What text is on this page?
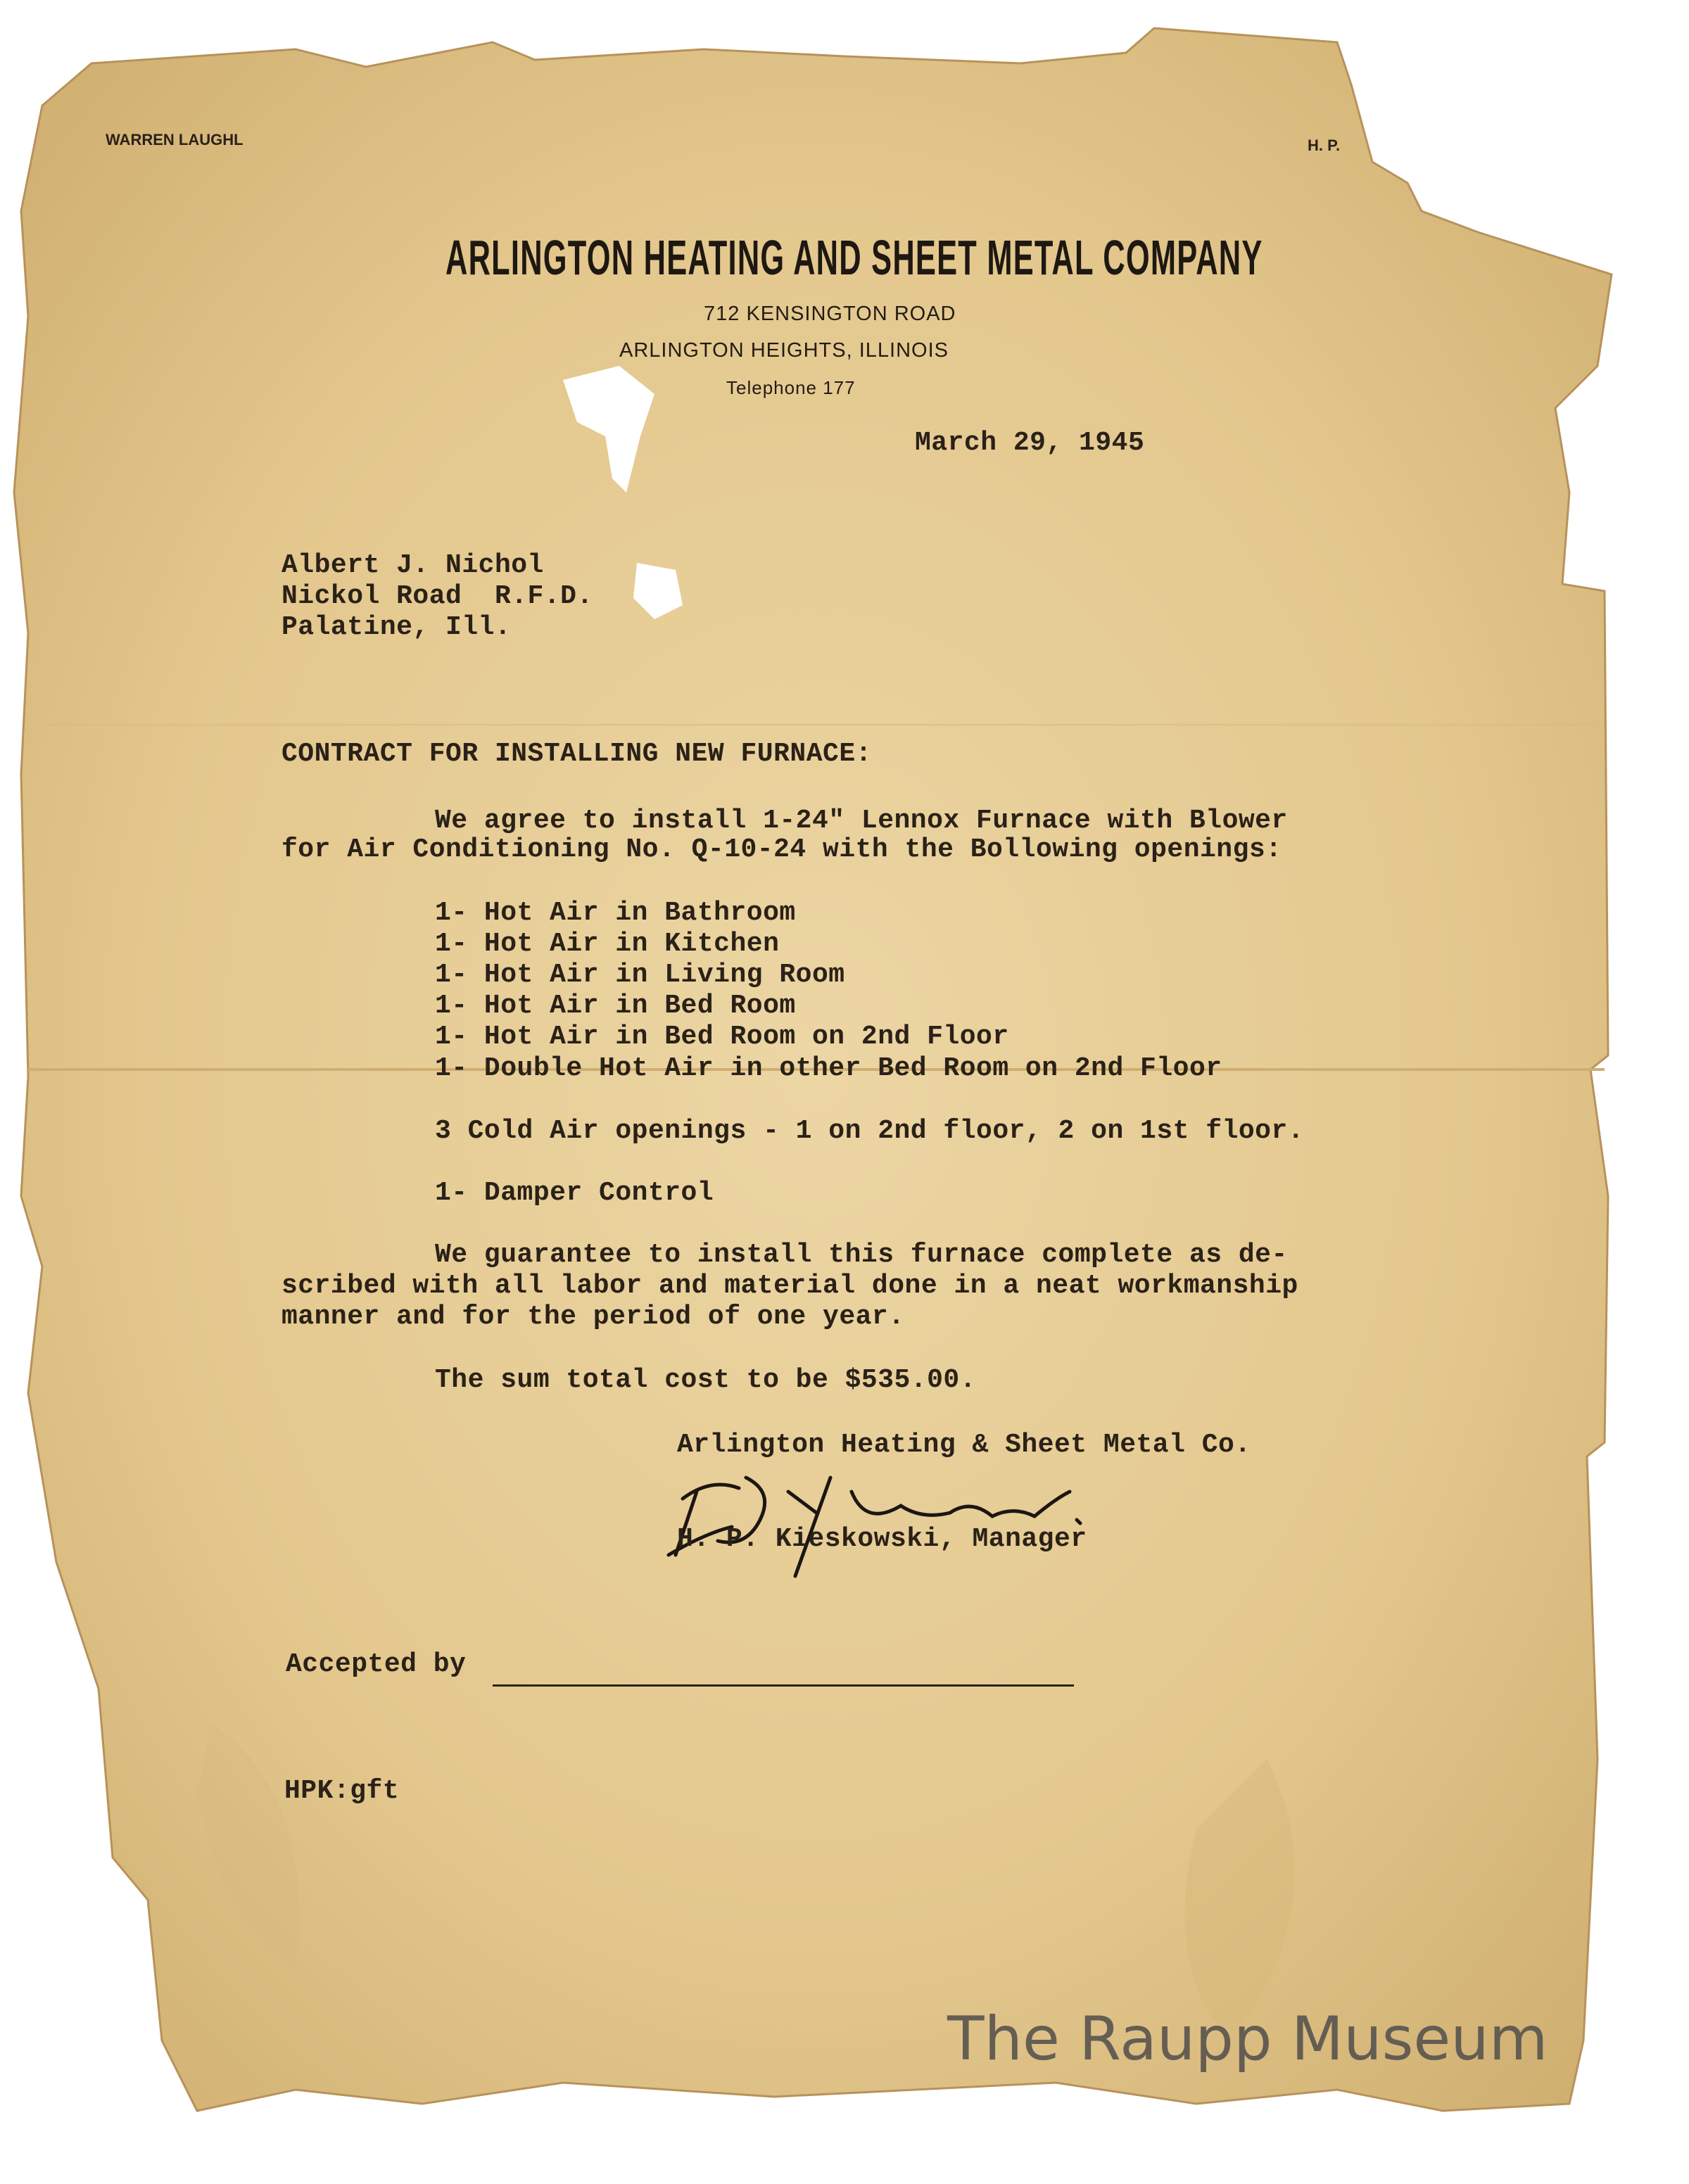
WARREN LAUGHL	H. P.
ARLINGTON HEATING AND SHEET METAL COMPANY
712 KENSINGTON ROAD
ARLINGTON HEIGHTS, ILLINOIS
Telephone 177
March 29, 1945
Albert J. Nichol
Nickol Road  R.F.D.
Palatine, Ill.
CONTRACT FOR INSTALLING NEW FURNACE:
We agree to install 1-24" Lennox Furnace with Blower
for Air Conditioning No. Q-10-24 with the Bollowing openings:
1- Hot Air in Bathroom
1- Hot Air in Kitchen
1- Hot Air in Living Room
1- Hot Air in Bed Room
1- Hot Air in Bed Room on 2nd Floor
1- Double Hot Air in other Bed Room on 2nd Floor
3 Cold Air openings - 1 on 2nd floor, 2 on 1st floor.
1- Damper Control
We guarantee to install this furnace complete as de-
scribed with all labor and material done in a neat workmanship
manner and for the period of one year.
The sum total cost to be $535.00.
Arlington Heating & Sheet Metal Co.
H. P. Kieskowski, Manager
Accepted by
HPK:gft
The Raupp Museum
